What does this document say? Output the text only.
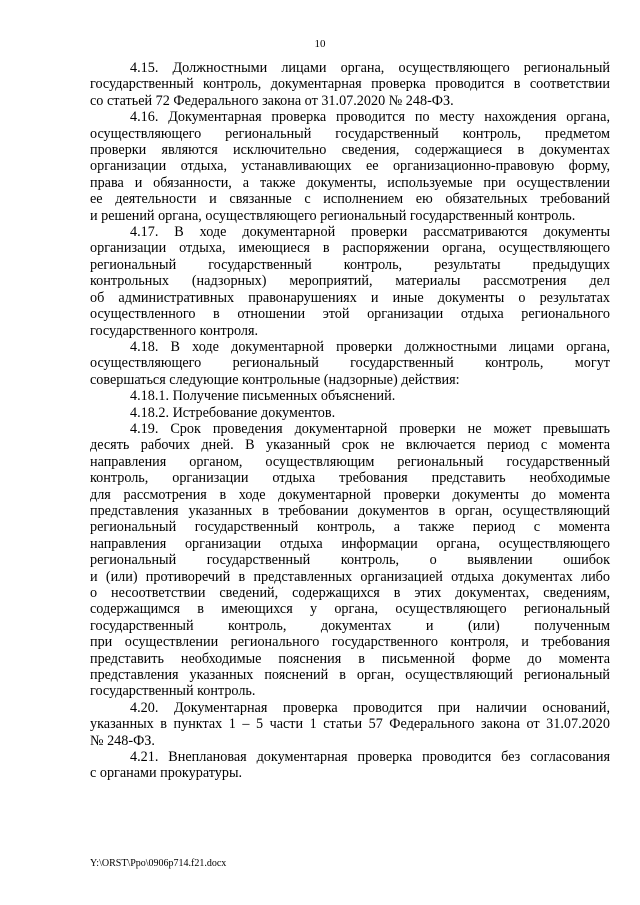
10
4.15. Должностными лицами органа, осуществляющего региональный
государственный контроль, документарная проверка проводится в соответствии
со статьей 72 Федерального закона от 31.07.2020 № 248-ФЗ.
4.16. Документарная проверка проводится по месту нахождения органа,
осуществляющего региональный государственный контроль, предметом
проверки являются исключительно сведения, содержащиеся в документах
организации отдыха, устанавливающих ее организационно-правовую форму,
права и обязанности, а также документы, используемые при осуществлении
ее деятельности и связанные с исполнением ею обязательных требований
и решений органа, осуществляющего региональный государственный контроль.
4.17. В ходе документарной проверки рассматриваются документы
организации отдыха, имеющиеся в распоряжении органа, осуществляющего
региональный государственный контроль, результаты предыдущих
контрольных (надзорных) мероприятий, материалы рассмотрения дел
об административных правонарушениях и иные документы о результатах
осуществленного в отношении этой организации отдыха регионального
государственного контроля.
4.18. В ходе документарной проверки должностными лицами органа,
осуществляющего региональный государственный контроль, могут
совершаться следующие контрольные (надзорные) действия:
4.18.1. Получение письменных объяснений.
4.18.2. Истребование документов.
4.19. Срок проведения документарной проверки не может превышать
десять рабочих дней. В указанный срок не включается период с момента
направления органом, осуществляющим региональный государственный
контроль, организации отдыха требования представить необходимые
для рассмотрения в ходе документарной проверки документы до момента
представления указанных в требовании документов в орган, осуществляющий
региональный государственный контроль, а также период с момента
направления организации отдыха информации органа, осуществляющего
региональный государственный контроль, о выявлении ошибок
и (или) противоречий в представленных организацией отдыха документах либо
о несоответствии сведений, содержащихся в этих документах, сведениям,
содержащимся в имеющихся у органа, осуществляющего региональный
государственный контроль, документах и (или) полученным
при осуществлении регионального государственного контроля, и требования
представить необходимые пояснения в письменной форме до момента
представления указанных пояснений в орган, осуществляющий региональный
государственный контроль.
4.20. Документарная проверка проводится при наличии оснований,
указанных в пунктах 1 – 5 части 1 статьи 57 Федерального закона от 31.07.2020
№ 248-ФЗ.
4.21. Внеплановая документарная проверка проводится без согласования
с органами прокуратуры.
Y:\ORST\Ppo\0906p714.f21.docx
